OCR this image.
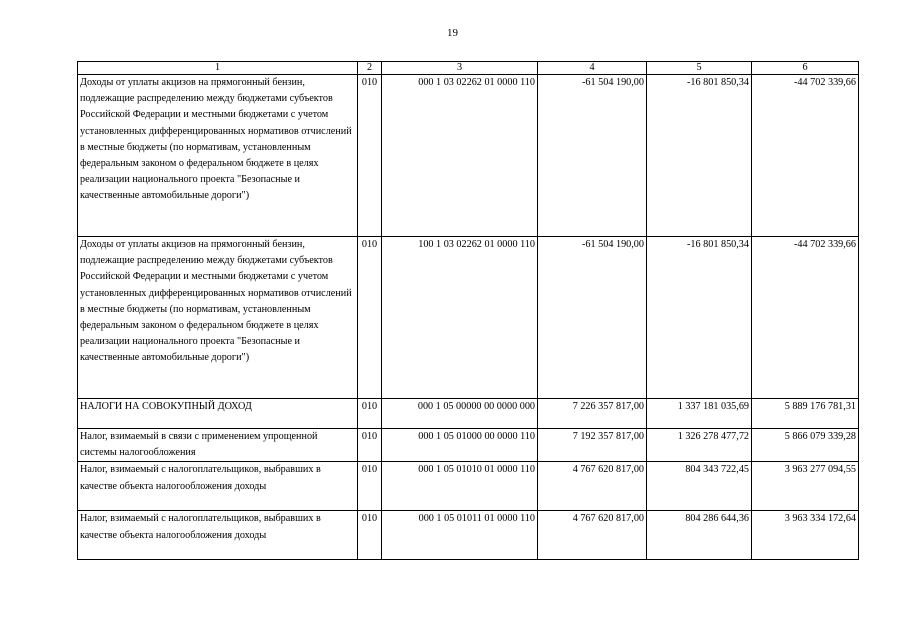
19
1	2	3	4	5	6
Доходы от уплаты акцизов на прямогонный бензин, подлежащие распределению между бюджетами субъектов Российской Федерации и местными бюджетами с учетом установленных дифференцированных нормативов отчислений в местные бюджеты (по нормативам, установленным федеральным законом о федеральном бюджете в целях реализации национального проекта "Безопасные и качественные автомобильные дороги")	010	000 1 03 02262 01 0000 110	-61 504 190,00	-16 801 850,34	-44 702 339,66
Доходы от уплаты акцизов на прямогонный бензин, подлежащие распределению между бюджетами субъектов Российской Федерации и местными бюджетами с учетом установленных дифференцированных нормативов отчислений в местные бюджеты (по нормативам, установленным федеральным законом о федеральном бюджете в целях реализации национального проекта "Безопасные и качественные автомобильные дороги")	010	100 1 03 02262 01 0000 110	-61 504 190,00	-16 801 850,34	-44 702 339,66
НАЛОГИ НА СОВОКУПНЫЙ ДОХОД	010	000 1 05 00000 00 0000 000	7 226 357 817,00	1 337 181 035,69	5 889 176 781,31
Налог, взимаемый в связи с применением упрощенной системы налогообложения	010	000 1 05 01000 00 0000 110	7 192 357 817,00	1 326 278 477,72	5 866 079 339,28
Налог, взимаемый с налогоплательщиков, выбравших в качестве объекта налогообложения доходы	010	000 1 05 01010 01 0000 110	4 767 620 817,00	804 343 722,45	3 963 277 094,55
Налог, взимаемый с налогоплательщиков, выбравших в качестве объекта налогообложения доходы	010	000 1 05 01011 01 0000 110	4 767 620 817,00	804 286 644,36	3 963 334 172,64
